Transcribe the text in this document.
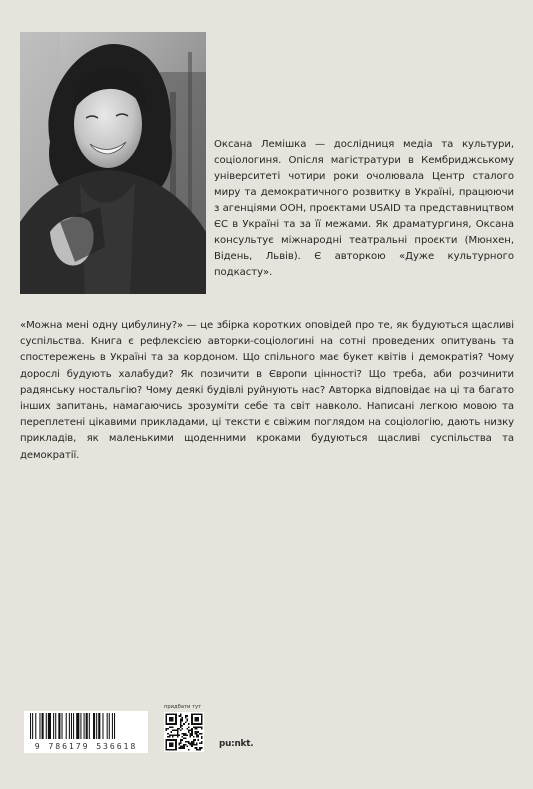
Оксана Лемішка — дослідниця медіа та культури, соціологиня. Опісля магістратури в Кембриджському університеті чотири роки очолювала Центр сталого миру та демократичного розвитку в Україні, працюючи з агенціями ООН, проєктами USAID та представництвом ЄС в Україні та за її межами. Як драматургиня, Оксана консультує міжнародні театральні проєкти (Мюнхен, Відень, Львів). Є авторкою «Дуже культурного подкасту».

«Можна мені одну цибулину?» — це збірка коротких оповідей про те, як будуються щасливі суспільства. Книга є рефлексією авторки-соціологині на сотні проведених опитувань та спостережень в Україні та за кордоном. Що спільного має букет квітів і демократія? Чому дорослі будують халабуди? Як позичити в Європи цінності? Що треба, аби розчинити радянську ностальгію? Чому деякі будівлі руйнують нас? Авторка відповідає на ці та багато інших запитань, намагаючись зрозуміти себе та світ навколо. Написані легкою мовою та переплетені цікавими прикладами, ці тексти є свіжим поглядом на соціологію, дають низку прикладів, як маленькими щоденними кроками будуються щасливі суспільства та демократії.

9 786179 536618
придбати тут
pu:nkt.
